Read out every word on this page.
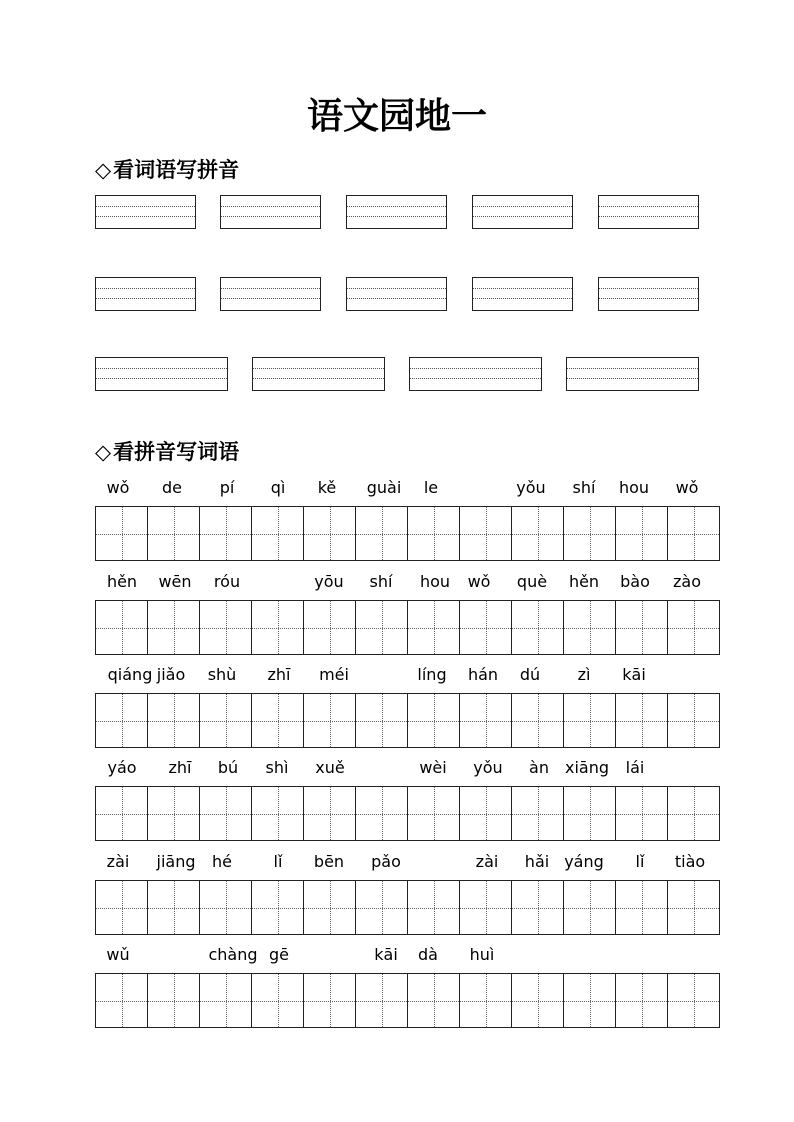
语文园地一
◇看词语写拼音
◇看拼音写词语
wǒ de pí qì kě guài le	yǒu shí hou wǒ
hěn wēn róu	yōu shí hou wǒ què hěn bào zào
qiáng jiǎo shù zhī méi	líng hán dú zì kāi
yáo zhī bú shì xuě	wèi yǒu àn xiāng lái
zài jiāng hé	lǐ bēn pǎo	zài hǎi yáng lǐ tiào
wǔ	chàng gē	kāi dà huì
